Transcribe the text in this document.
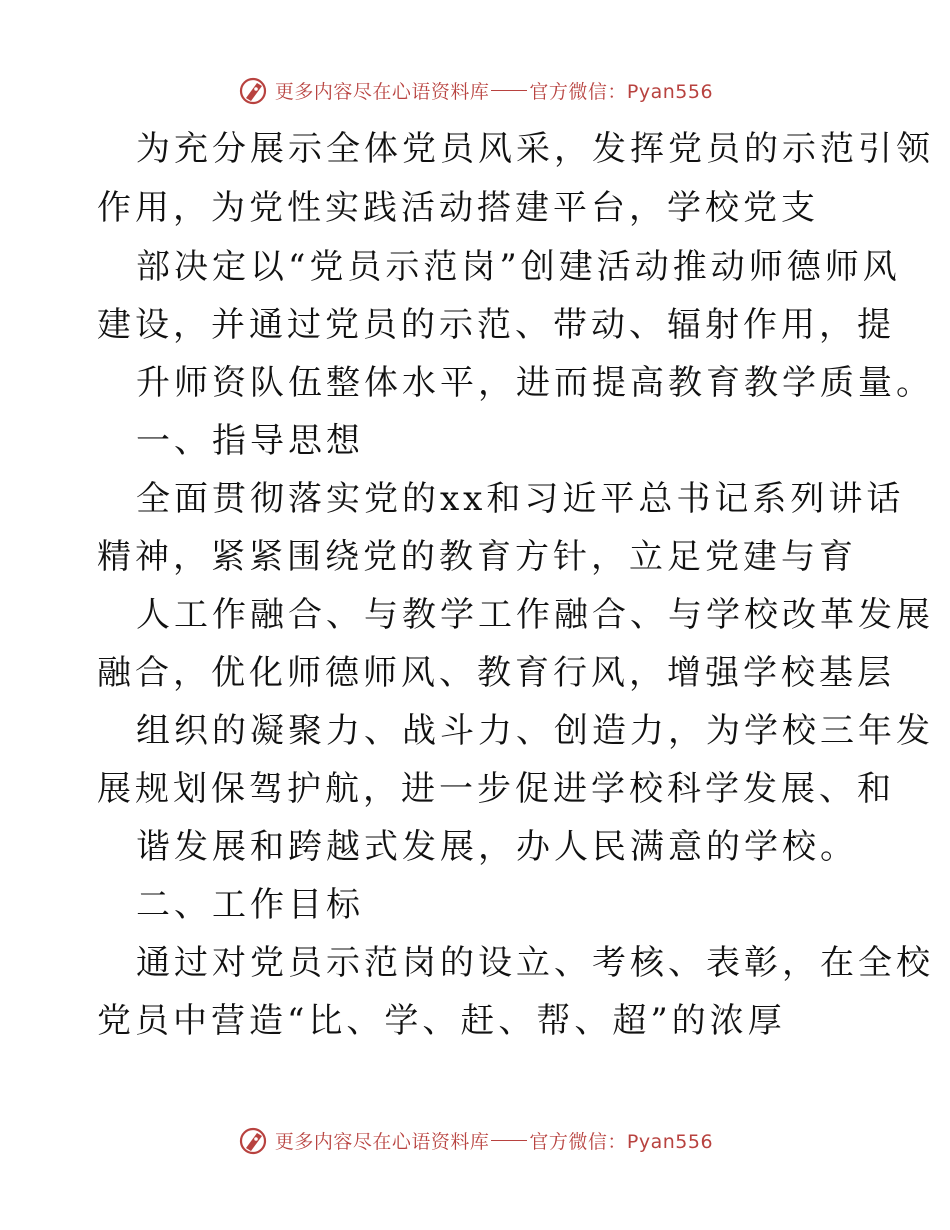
更多内容尽在心语资料库 官方微信：Pyan556
为充分展示全体党员风采，发挥党员的示范引领
作用，为党性实践活动搭建平台，学校党支
部决定以“党员示范岗”创建活动推动师德师风
建设，并通过党员的示范、带动、辐射作用，提
升师资队伍整体水平，进而提高教育教学质量。
一、指导思想
全面贯彻落实党的xx和习近平总书记系列讲话
精神，紧紧围绕党的教育方针，立足党建与育
人工作融合、与教学工作融合、与学校改革发展
融合，优化师德师风、教育行风，增强学校基层
组织的凝聚力、战斗力、创造力，为学校三年发
展规划保驾护航，进一步促进学校科学发展、和
谐发展和跨越式发展，办人民满意的学校。
二、工作目标
通过对党员示范岗的设立、考核、表彰，在全校
党员中营造“比、学、赶、帮、超”的浓厚
更多内容尽在心语资料库 官方微信：Pyan556
